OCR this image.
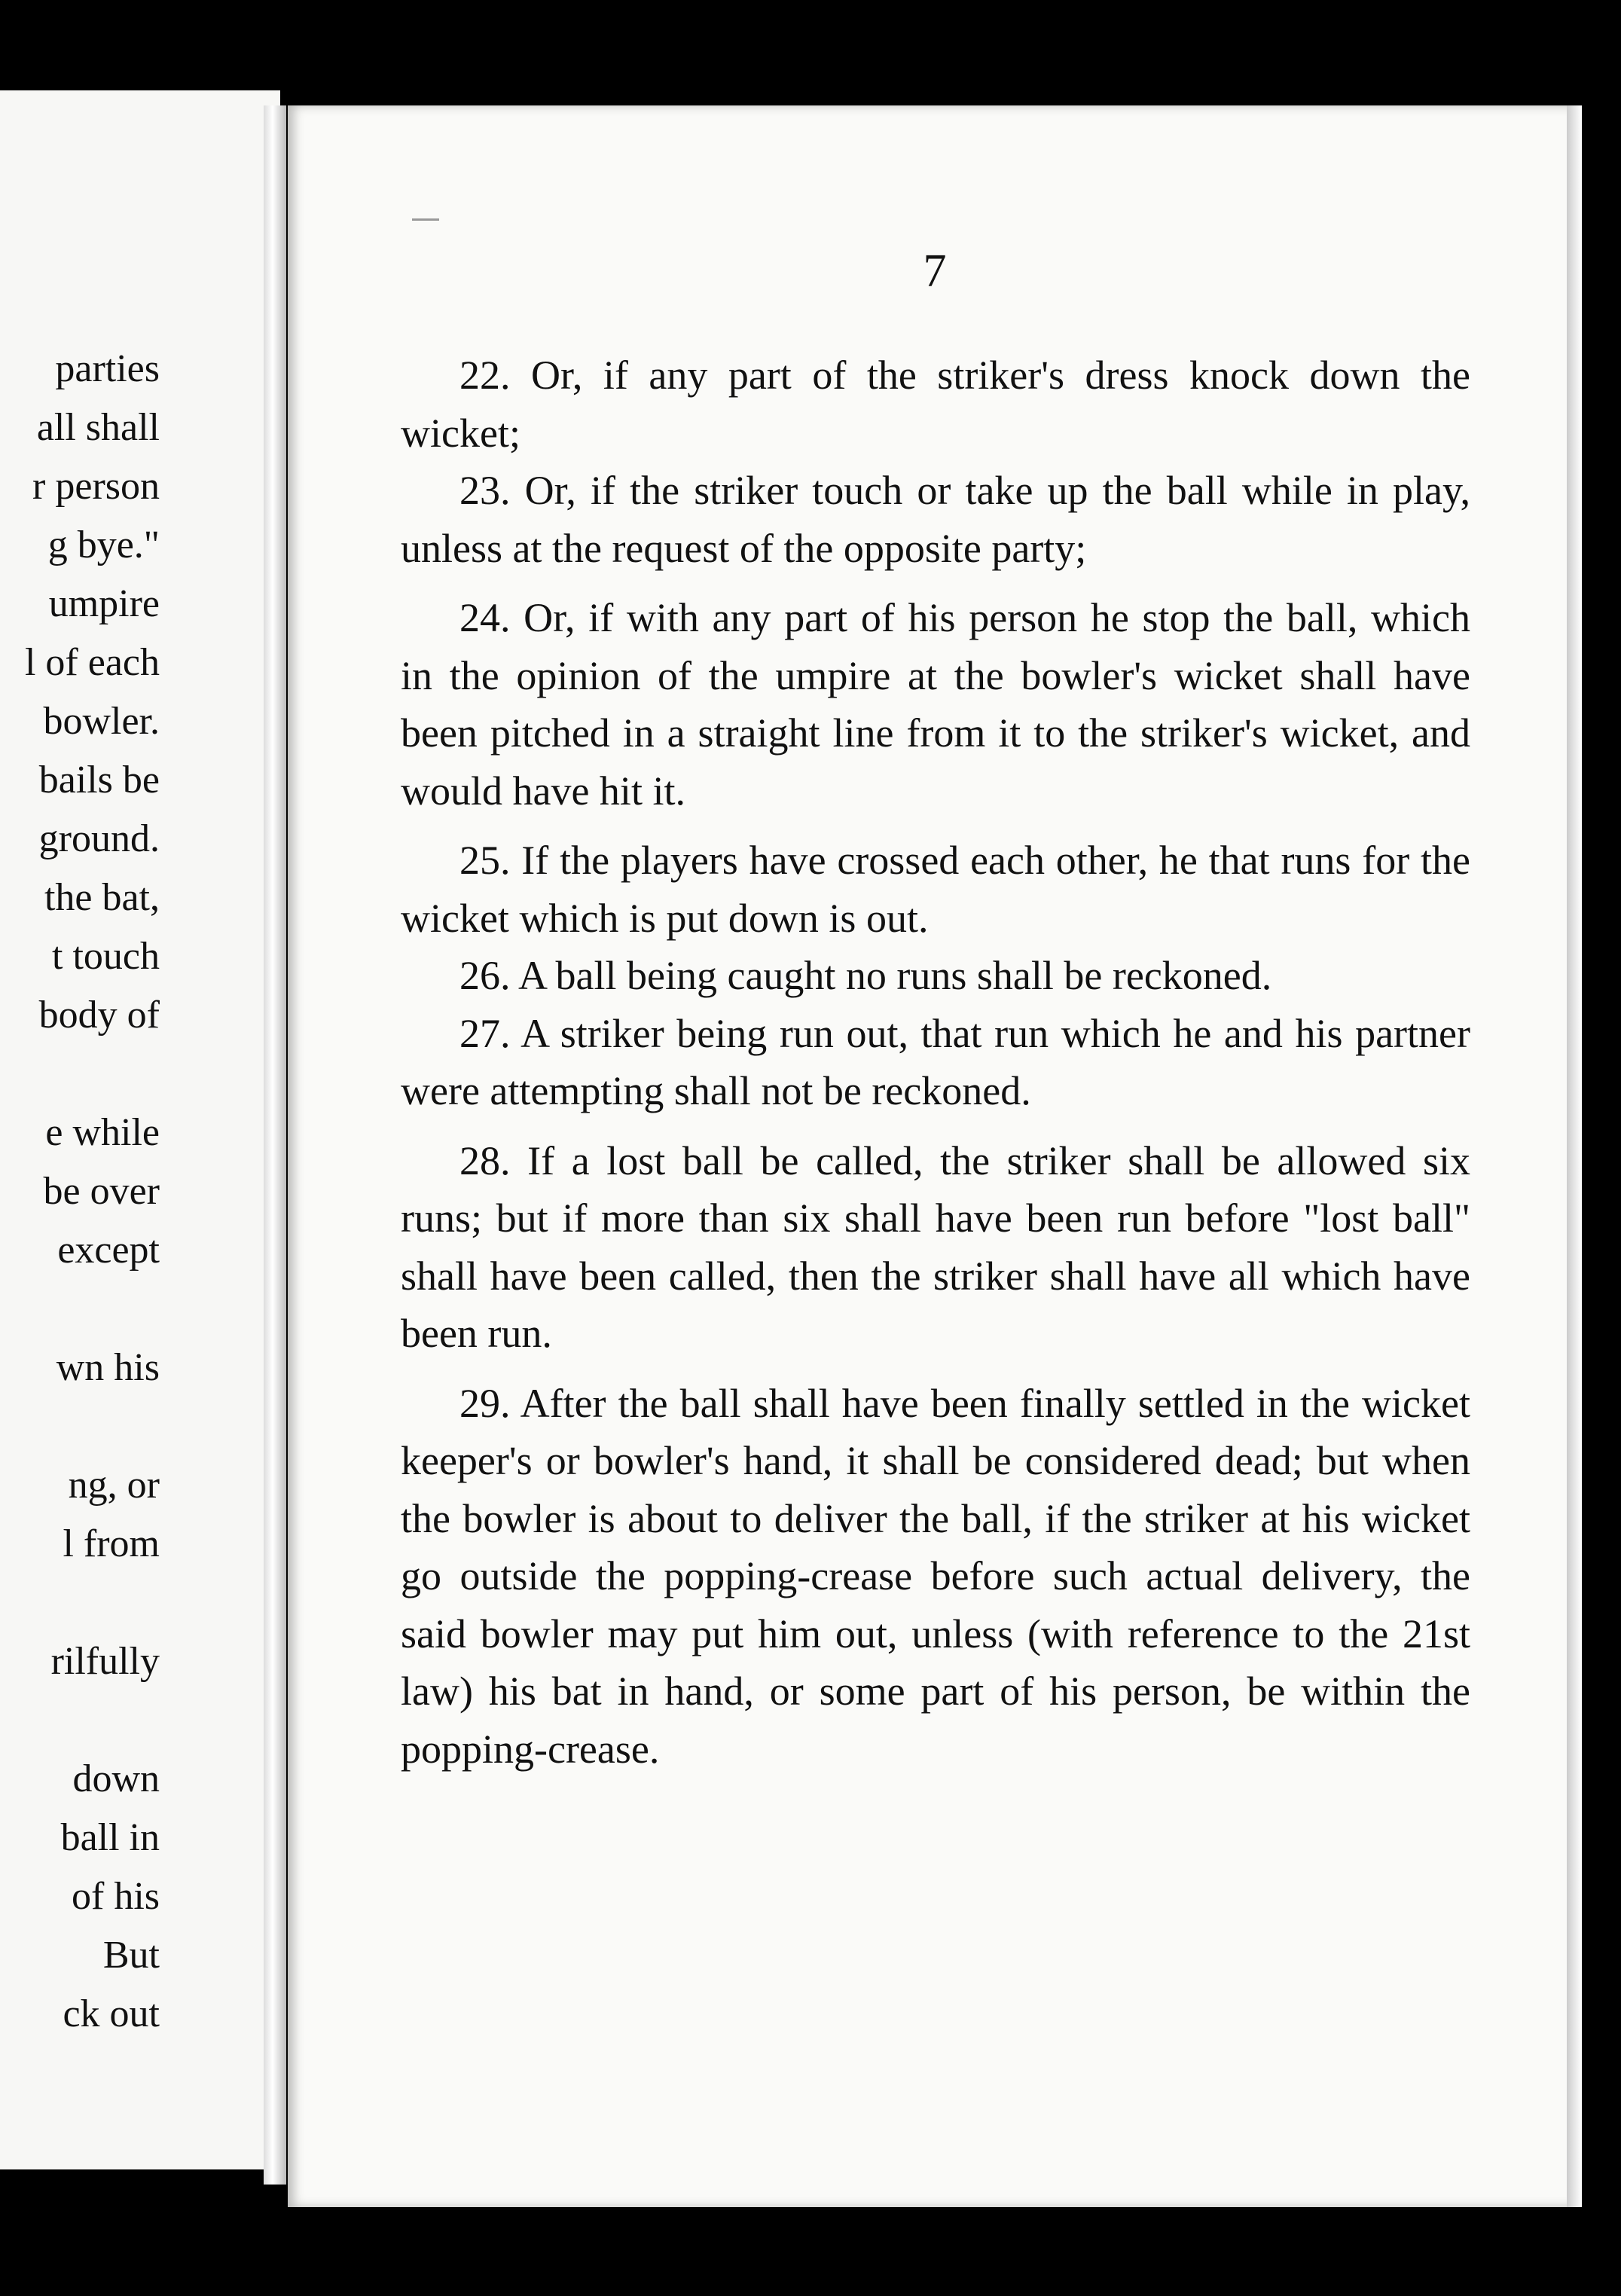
parties
all shall
r person
g bye."
umpire
l of each
bowler.
bails be
ground.
the bat,
t touch
body of
e while
be over
except
wn his
ng, or
l from
rilfully
down
ball in
of his
But
ck out
7

22. Or, if any part of the striker's dress knock down the wicket;

23. Or, if the striker touch or take up the ball while in play, unless at the request of the opposite party;

24. Or, if with any part of his person he stop the ball, which in the opinion of the umpire at the bowler's wicket shall have been pitched in a straight line from it to the striker's wicket, and would have hit it.

25. If the players have crossed each other, he that runs for the wicket which is put down is out.

26. A ball being caught no runs shall be reckoned.

27. A striker being run out, that run which he and his partner were attempting shall not be reckoned.

28. If a lost ball be called, the striker shall be allowed six runs; but if more than six shall have been run before "lost ball" shall have been called, then the striker shall have all which have been run.

29. After the ball shall have been finally settled in the wicket keeper's or bowler's hand, it shall be considered dead; but when the bowler is about to deliver the ball, if the striker at his wicket go outside the popping-crease before such actual delivery, the said bowler may put him out, unless (with reference to the 21st law) his bat in hand, or some part of his person, be within the popping-crease.
